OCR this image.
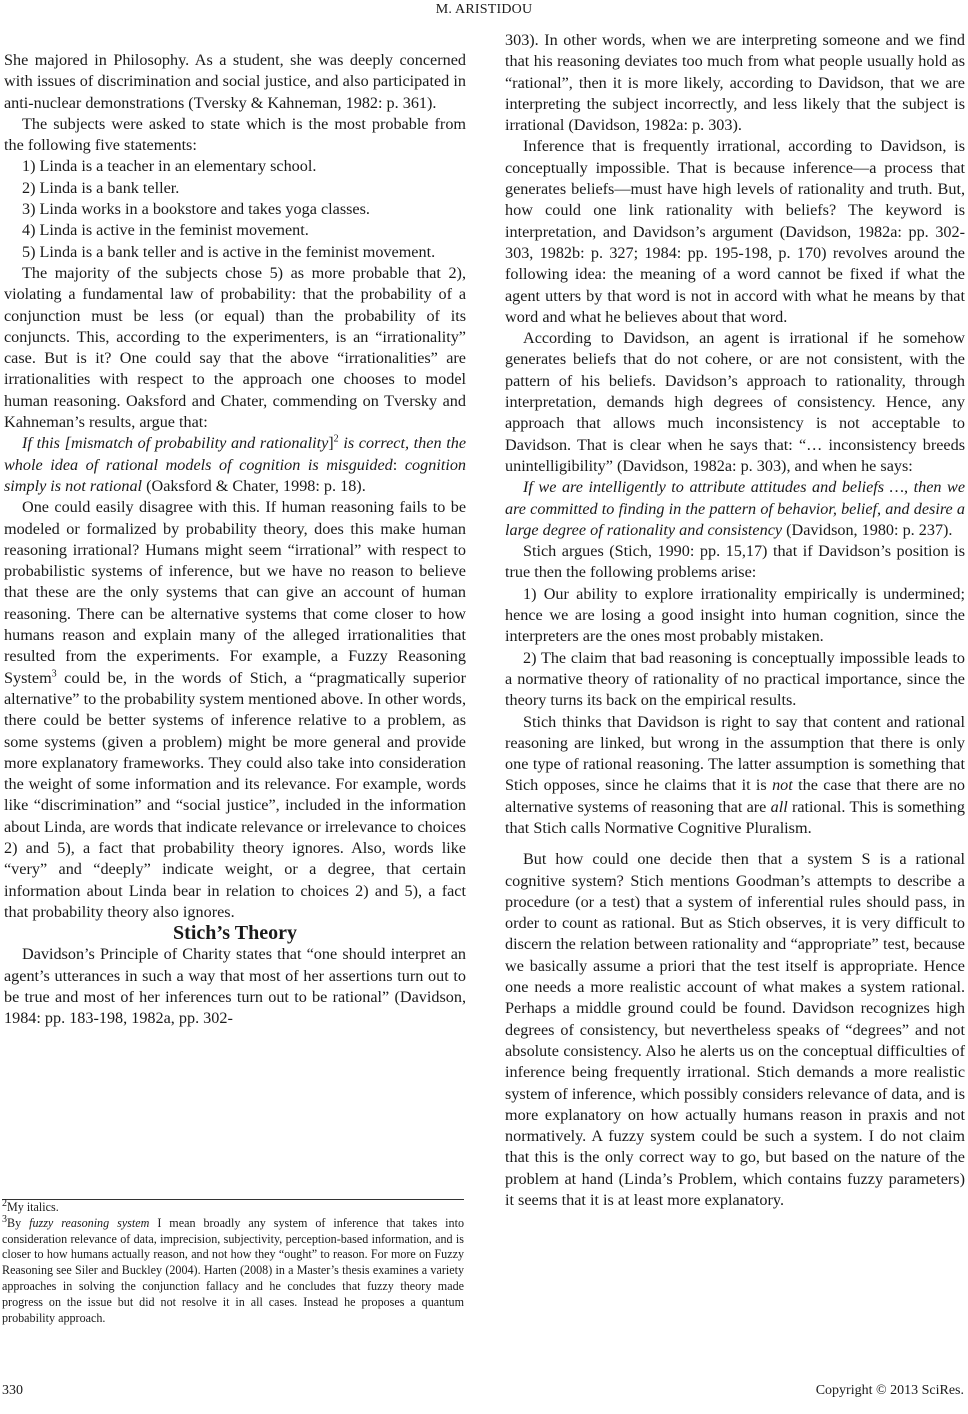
M. ARISTIDOU

She majored in Philosophy. As a student, she was deeply concerned with issues of discrimination and social justice, and also participated in anti-nuclear demonstrations (Tversky & Kahneman, 1982: p. 361).

The subjects were asked to state which is the most probable from the following five statements:

1) Linda is a teacher in an elementary school.

2) Linda is a bank teller.

3) Linda works in a bookstore and takes yoga classes.

4) Linda is active in the feminist movement.

5) Linda is a bank teller and is active in the feminist movement.

The majority of the subjects chose 5) as more probable that 2), violating a fundamental law of probability: that the probability of a conjunction must be less (or equal) than the probability of its conjuncts. This, according to the experimenters, is an “irrationality” case. But is it? One could say that the above “irrationalities” are irrationalities with respect to the approach one chooses to model human reasoning. Oaksford and Chater, commending on Tversky and Kahneman’s results, argue that:

If this [mismatch of probability and rationality]$^2$ is correct, then the whole idea of rational models of cognition is misguided: cognition simply is not rational (Oaksford & Chater, 1998: p. 18).

One could easily disagree with this. If human reasoning fails to be modeled or formalized by probability theory, does this make human reasoning irrational? Humans might seem “irrational” with respect to probabilistic systems of inference, but we have no reason to believe that these are the only systems that can give an account of human reasoning. There can be alternative systems that come closer to how humans reason and explain many of the alleged irrationalities that resulted from the experiments. For example, a Fuzzy Reasoning System$^3$ could be, in the words of Stich, a “pragmatically superior alternative” to the probability system mentioned above. In other words, there could be better systems of inference relative to a problem, as some systems (given a problem) might be more general and provide more explanatory frameworks. They could also take into consideration the weight of some information and its relevance. For example, words like “discrimination” and “social justice”, included in the information about Linda, are words that indicate relevance or irrelevance to choices 2) and 5), a fact that probability theory ignores. Also, words like “very” and “deeply” indicate weight, or a degree, that certain information about Linda bear in relation to choices 2) and 5), a fact that probability theory also ignores.

Stich’s Theory

Davidson’s Principle of Charity states that “one should interpret an agent’s utterances in such a way that most of her assertions turn out to be true and most of her inferences turn out to be rational” (Davidson, 1984: pp. 183-198, 1982a, pp. 302-

$^2$My italics.

$^3$By fuzzy reasoning system I mean broadly any system of inference that takes into consideration relevance of data, imprecision, subjectivity, perception-based information, and is closer to how humans actually reason, and not how they “ought” to reason. For more on Fuzzy Reasoning see Siler and Buckley (2004). Harten (2008) in a Master’s thesis examines a variety approaches in solving the conjunction fallacy and he concludes that fuzzy theory made progress on the issue but did not resolve it in all cases. Instead he proposes a quantum probability approach.

303). In other words, when we are interpreting someone and we find that his reasoning deviates too much from what people usually hold as “rational”, then it is more likely, according to Davidson, that we are interpreting the subject incorrectly, and less likely that the subject is irrational (Davidson, 1982a: p. 303).

Inference that is frequently irrational, according to Davidson, is conceptually impossible. That is because inference—a process that generates beliefs—must have high levels of rationality and truth. But, how could one link rationality with beliefs? The keyword is interpretation, and Davidson’s argument (Davidson, 1982a: pp. 302-303, 1982b: p. 327; 1984: pp. 195-198, p. 170) revolves around the following idea: the meaning of a word cannot be fixed if what the agent utters by that word is not in accord with what he means by that word and what he believes about that word.

According to Davidson, an agent is irrational if he somehow generates beliefs that do not cohere, or are not consistent, with the pattern of his beliefs. Davidson’s approach to rationality, through interpretation, demands high degrees of consistency. Hence, any approach that allows much inconsistency is not acceptable to Davidson. That is clear when he says that: “… inconsistency breeds unintelligibility” (Davidson, 1982a: p. 303), and when he says:

If we are intelligently to attribute attitudes and beliefs …, then we are committed to finding in the pattern of behavior, belief, and desire a large degree of rationality and consistency (Davidson, 1980: p. 237).

Stich argues (Stich, 1990: pp. 15,17) that if Davidson’s position is true then the following problems arise:

1) Our ability to explore irrationality empirically is undermined; hence we are losing a good insight into human cognition, since the interpreters are the ones most probably mistaken.

2) The claim that bad reasoning is conceptually impossible leads to a normative theory of rationality of no practical importance, since the theory turns its back on the empirical results.

Stich thinks that Davidson is right to say that content and rational reasoning are linked, but wrong in the assumption that there is only one type of rational reasoning. The latter assumption is something that Stich opposes, since he claims that it is not the case that there are no alternative systems of reasoning that are all rational. This is something that Stich calls Normative Cognitive Pluralism.

But how could one decide then that a system S is a rational cognitive system? Stich mentions Goodman’s attempts to describe a procedure (or a test) that a system of inferential rules should pass, in order to count as rational. But as Stich observes, it is very difficult to discern the relation between rationality and “appropriate” test, because we basically assume a priori that the test itself is appropriate. Hence one needs a more realistic account of what makes a system rational. Perhaps a middle ground could be found. Davidson recognizes high degrees of consistency, but nevertheless speaks of “degrees” and not absolute consistency. Also he alerts us on the conceptual difficulties of inference being frequently irrational. Stich demands a more realistic system of inference, which possibly considers relevance of data, and is more explanatory on how actually humans reason in praxis and not normatively. A fuzzy system could be such a system. I do not claim that this is the only correct way to go, but based on the nature of the problem at hand (Linda’s Problem, which contains fuzzy parameters) it seems that it is at least more explanatory.

330	Copyright © 2013 SciRes.
